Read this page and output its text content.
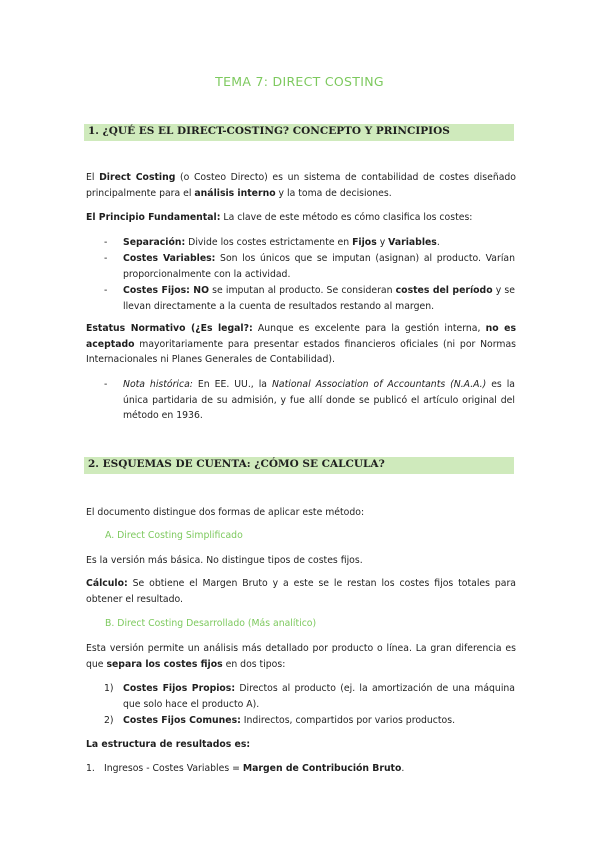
TEMA 7: DIRECT COSTING
1. ¿QUÉ ES EL DIRECT-COSTING? CONCEPTO Y PRINCIPIOS
El Direct Costing (o Costeo Directo) es un sistema de contabilidad de costes diseñado principalmente para el análisis interno y la toma de decisiones.
El Principio Fundamental: La clave de este método es cómo clasifica los costes:
- Separación: Divide los costes estrictamente en Fijos y Variables.
- Costes Variables: Son los únicos que se imputan (asignan) al producto. Varían proporcionalmente con la actividad.
- Costes Fijos: NO se imputan al producto. Se consideran costes del período y se llevan directamente a la cuenta de resultados restando al margen.
Estatus Normativo (¿Es legal?: Aunque es excelente para la gestión interna, no es aceptado mayoritariamente para presentar estados financieros oficiales (ni por Normas Internacionales ni Planes Generales de Contabilidad).
- Nota histórica: En EE. UU., la National Association of Accountants (N.A.A.) es la única partidaria de su admisión, y fue allí donde se publicó el artículo original del método en 1936.
2. ESQUEMAS DE CUENTA: ¿CÓMO SE CALCULA?
El documento distingue dos formas de aplicar este método:
A. Direct Costing Simplificado
Es la versión más básica. No distingue tipos de costes fijos.
Cálculo: Se obtiene el Margen Bruto y a este se le restan los costes fijos totales para obtener el resultado.
B. Direct Costing Desarrollado (Más analítico)
Esta versión permite un análisis más detallado por producto o línea. La gran diferencia es que separa los costes fijos en dos tipos:
1) Costes Fijos Propios: Directos al producto (ej. la amortización de una máquina que solo hace el producto A).
2) Costes Fijos Comunes: Indirectos, compartidos por varios productos.
La estructura de resultados es:
1. Ingresos - Costes Variables = Margen de Contribución Bruto.
